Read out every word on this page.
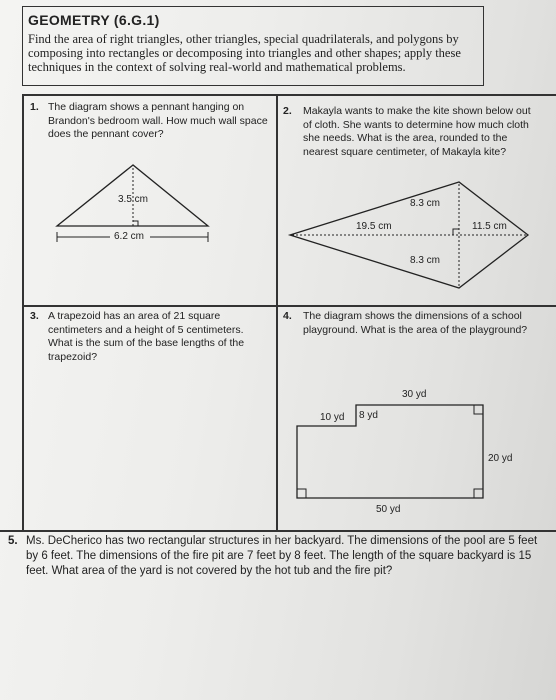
GEOMETRY (6.G.1)
Find the area of right triangles, other triangles, special quadrilaterals, and polygons by composing into rectangles or decomposing into triangles and other shapes; apply these techniques in the context of solving real-world and mathematical problems.
1. The diagram shows a pennant hanging on Brandon's bedroom wall. How much wall space does the pennant cover?
3.5 cm
6.2 cm
2. Makayla wants to make the kite shown below out of cloth. She wants to determine how much cloth she needs. What is the area, rounded to the nearest square centimeter, of Makayla kite?
8.3 cm
19.5 cm	11.5 cm
8.3 cm
3. A trapezoid has an area of 21 square centimeters and a height of 5 centimeters. What is the sum of the base lengths of the trapezoid?
4. The diagram shows the dimensions of a school playground. What is the area of the playground?
30 yd
10 yd 8 yd
20 yd
50 yd
5. Ms. DeCherico has two rectangular structures in her backyard. The dimensions of the pool are 5 feet by 6 feet. The dimensions of the fire pit are 7 feet by 8 feet. The length of the square backyard is 15 feet. What area of the yard is not covered by the hot tub and the fire pit?
